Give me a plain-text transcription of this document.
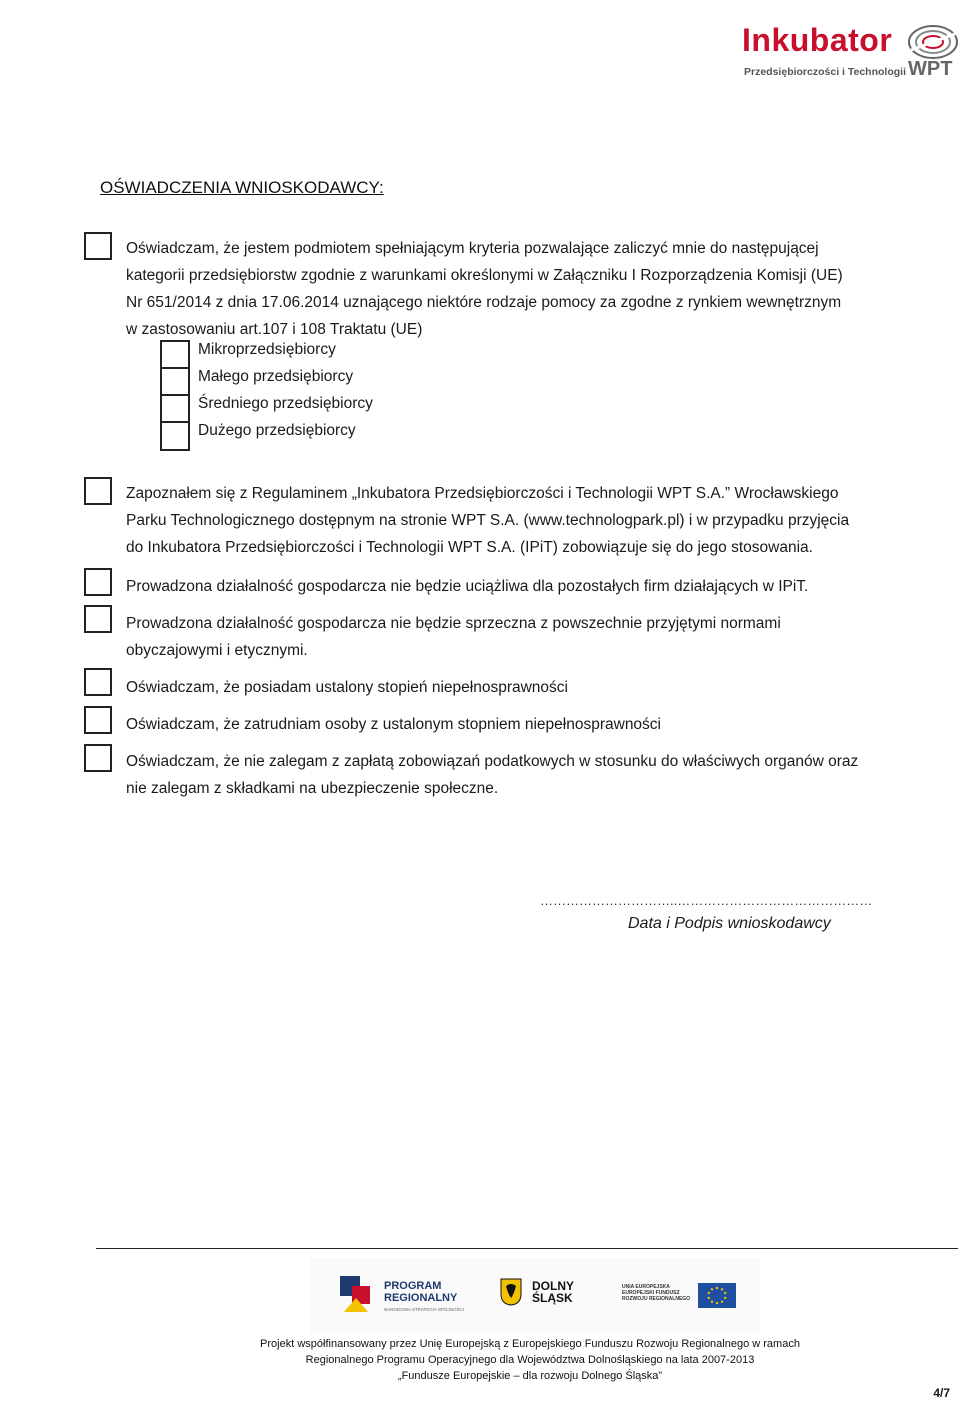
Inkubator
Przedsiębiorczości i Technologii WPT
OŚWIADCZENIA WNIOSKODAWCY:
Oświadczam, że jestem podmiotem spełniającym kryteria pozwalające zaliczyć mnie do następującej
kategorii przedsiębiorstw zgodnie z warunkami określonymi w Załączniku I Rozporządzenia Komisji (UE)
Nr 651/2014 z dnia 17.06.2014 uznającego niektóre rodzaje pomocy za zgodne z rynkiem wewnętrznym
w zastosowaniu art.107 i 108 Traktatu (UE)
Mikroprzedsiębiorcy
Małego przedsiębiorcy
Średniego przedsiębiorcy
Dużego przedsiębiorcy
Zapoznałem się z Regulaminem „Inkubatora Przedsiębiorczości i Technologii WPT S.A.” Wrocławskiego
Parku Technologicznego dostępnym na stronie WPT S.A. (www.technologpark.pl) i w przypadku przyjęcia
do Inkubatora Przedsiębiorczości i Technologii WPT S.A. (IPiT) zobowiązuje się do jego stosowania.
Prowadzona działalność gospodarcza nie będzie uciążliwa dla pozostałych firm działających w IPiT.
Prowadzona działalność gospodarcza nie będzie sprzeczna z powszechnie przyjętymi normami
obyczajowymi i etycznymi.
Oświadczam, że posiadam ustalony stopień niepełnosprawności
Oświadczam, że zatrudniam osoby z ustalonym stopniem niepełnosprawności
Oświadczam, że nie zalegam z zapłatą zobowiązań podatkowych w stosunku do właściwych organów oraz
nie zalegam z składkami na ubezpieczenie społeczne.
…………………………..………………………………………
Data i Podpis wnioskodawcy
PROGRAM
REGIONALNY
NARODOWA STRATEGIA SPÓJNOŚCI
DOLNY
ŚLĄSK
UNIA EUROPEJSKA
EUROPEJSKI FUNDUSZ
ROZWOJU REGIONALNEGO
Projekt współfinansowany przez Unię Europejską z Europejskiego Funduszu Rozwoju Regionalnego w ramach
Regionalnego Programu Operacyjnego dla Województwa Dolnośląskiego na lata 2007-2013
„Fundusze Europejskie – dla rozwoju Dolnego Śląska”
4/7
